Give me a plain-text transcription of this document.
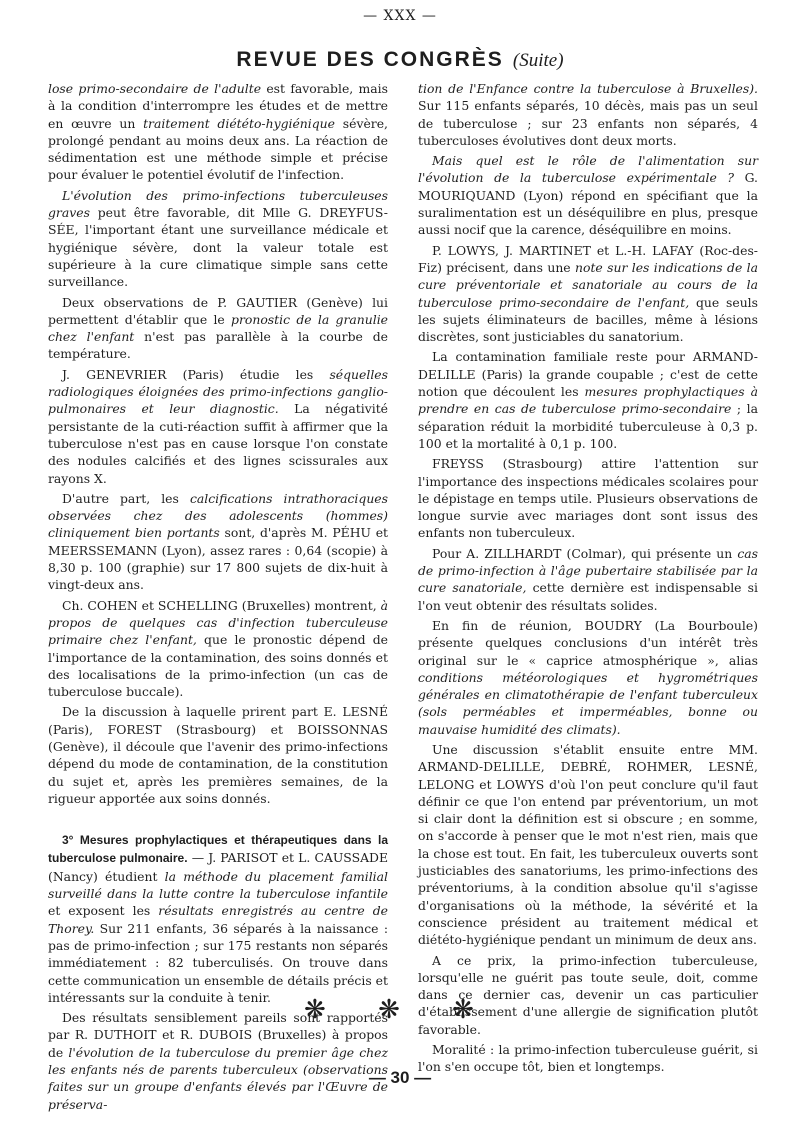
— XXX —
REVUE DES CONGRÈS (Suite)

lose primo-secondaire de l'adulte est favorable, mais à la condition d'interrompre les études et de mettre en œuvre un traitement diététo-hygiénique sévère, prolongé pendant au moins deux ans. La réaction de sédimentation est une méthode simple et précise pour évaluer le potentiel évolutif de l'infection.

L'évolution des primo-infections tuberculeuses graves peut être favorable, dit Mlle G. DREYFUS-SÉE, l'important étant une surveillance médicale et hygiénique sévère, dont la valeur totale est supérieure à la cure climatique simple sans cette surveillance.

Deux observations de P. GAUTIER (Genève) lui permettent d'établir que le pronostic de la granulie chez l'enfant n'est pas parallèle à la courbe de température.

J. GENEVRIER (Paris) étudie les séquelles radiologiques éloignées des primo-infections ganglio-pulmonaires et leur diagnostic. La négativité persistante de la cuti-réaction suffit à affirmer que la tuberculose n'est pas en cause lorsque l'on constate des nodules calcifiés et des lignes scissurales aux rayons X.

D'autre part, les calcifications intrathoraciques observées chez des adolescents (hommes) cliniquement bien portants sont, d'après M. PÉHU et MEERSSEMANN (Lyon), assez rares : 0,64 (scopie) à 8,30 p. 100 (graphie) sur 17 800 sujets de dix-huit à vingt-deux ans.

Ch. COHEN et SCHELLING (Bruxelles) montrent, à propos de quelques cas d'infection tuberculeuse primaire chez l'enfant, que le pronostic dépend de l'importance de la contamination, des soins donnés et des localisations de la primo-infection (un cas de tuberculose buccale).

De la discussion à laquelle prirent part E. LESNÉ (Paris), FOREST (Strasbourg) et BOISSONNAS (Genève), il découle que l'avenir des primo-infections dépend du mode de contamination, de la constitution du sujet et, après les premières semaines, de la rigueur apportée aux soins donnés.

3° Mesures prophylactiques et thérapeutiques dans la tuberculose pulmonaire. — J. PARISOT et L. CAUSSADE (Nancy) étudient la méthode du placement familial surveillé dans la lutte contre la tuberculose infantile et exposent les résultats enregistrés au centre de Thorey. Sur 211 enfants, 36 séparés à la naissance : pas de primo-infection ; sur 175 restants non séparés immédiatement : 82 tuberculisés. On trouve dans cette communication un ensemble de détails précis et intéressants sur la conduite à tenir.

Des résultats sensiblement pareils sont rapportés par R. DUTHOIT et R. DUBOIS (Bruxelles) à propos de l'évolution de la tuberculose du premier âge chez les enfants nés de parents tuberculeux (observations faites sur un groupe d'enfants élevés par l'Œuvre de préserva-

tion de l'Enfance contre la tuberculose à Bruxelles). Sur 115 enfants séparés, 10 décès, mais pas un seul de tuberculose ; sur 23 enfants non séparés, 4 tuberculoses évolutives dont deux morts.

Mais quel est le rôle de l'alimentation sur l'évolution de la tuberculose expérimentale ? G. MOURIQUAND (Lyon) répond en spécifiant que la suralimentation est un déséquilibre en plus, presque aussi nocif que la carence, déséquilibre en moins.

P. LOWYS, J. MARTINET et L.-H. LAFAY (Roc-des-Fiz) précisent, dans une note sur les indications de la cure préventoriale et sanatoriale au cours de la tuberculose primo-secondaire de l'enfant, que seuls les sujets éliminateurs de bacilles, même à lésions discrètes, sont justiciables du sanatorium.

La contamination familiale reste pour ARMAND-DELILLE (Paris) la grande coupable ; c'est de cette notion que découlent les mesures prophylactiques à prendre en cas de tuberculose primo-secondaire ; la séparation réduit la morbidité tuberculeuse à 0,3 p. 100 et la mortalité à 0,1 p. 100.

FREYSS (Strasbourg) attire l'attention sur l'importance des inspections médicales scolaires pour le dépistage en temps utile. Plusieurs observations de longue survie avec mariages dont sont issus des enfants non tuberculeux.

Pour A. ZILLHARDT (Colmar), qui présente un cas de primo-infection à l'âge pubertaire stabilisée par la cure sanatoriale, cette dernière est indispensable si l'on veut obtenir des résultats solides.

En fin de réunion, BOUDRY (La Bourboule) présente quelques conclusions d'un intérêt très original sur le « caprice atmosphérique », alias conditions météorologiques et hygrométriques générales en climatothérapie de l'enfant tuberculeux (sols perméables et imperméables, bonne ou mauvaise humidité des climats).

Une discussion s'établit ensuite entre MM. ARMAND-DELILLE, DEBRÉ, ROHMER, LESNÉ, LELONG et LOWYS d'où l'on peut conclure qu'il faut définir ce que l'on entend par préventorium, un mot si clair dont la définition est si obscure ; en somme, on s'accorde à penser que le mot n'est rien, mais que la chose est tout. En fait, les tuberculeux ouverts sont justiciables des sanatoriums, les primo-infections des préventoriums, à la condition absolue qu'il s'agisse d'organisations où la méthode, la sévérité et la conscience président au traitement médical et diététo-hygiénique pendant un minimum de deux ans.

A ce prix, la primo-infection tuberculeuse, lorsqu'elle ne guérit pas toute seule, doit, comme dans ce dernier cas, devenir un cas particulier d'établissement d'une allergie de signification plutôt favorable.

Moralité : la primo-infection tuberculeuse guérit, si l'on s'en occupe tôt, bien et longtemps.

❋ ❋ ❋
— 30 —
